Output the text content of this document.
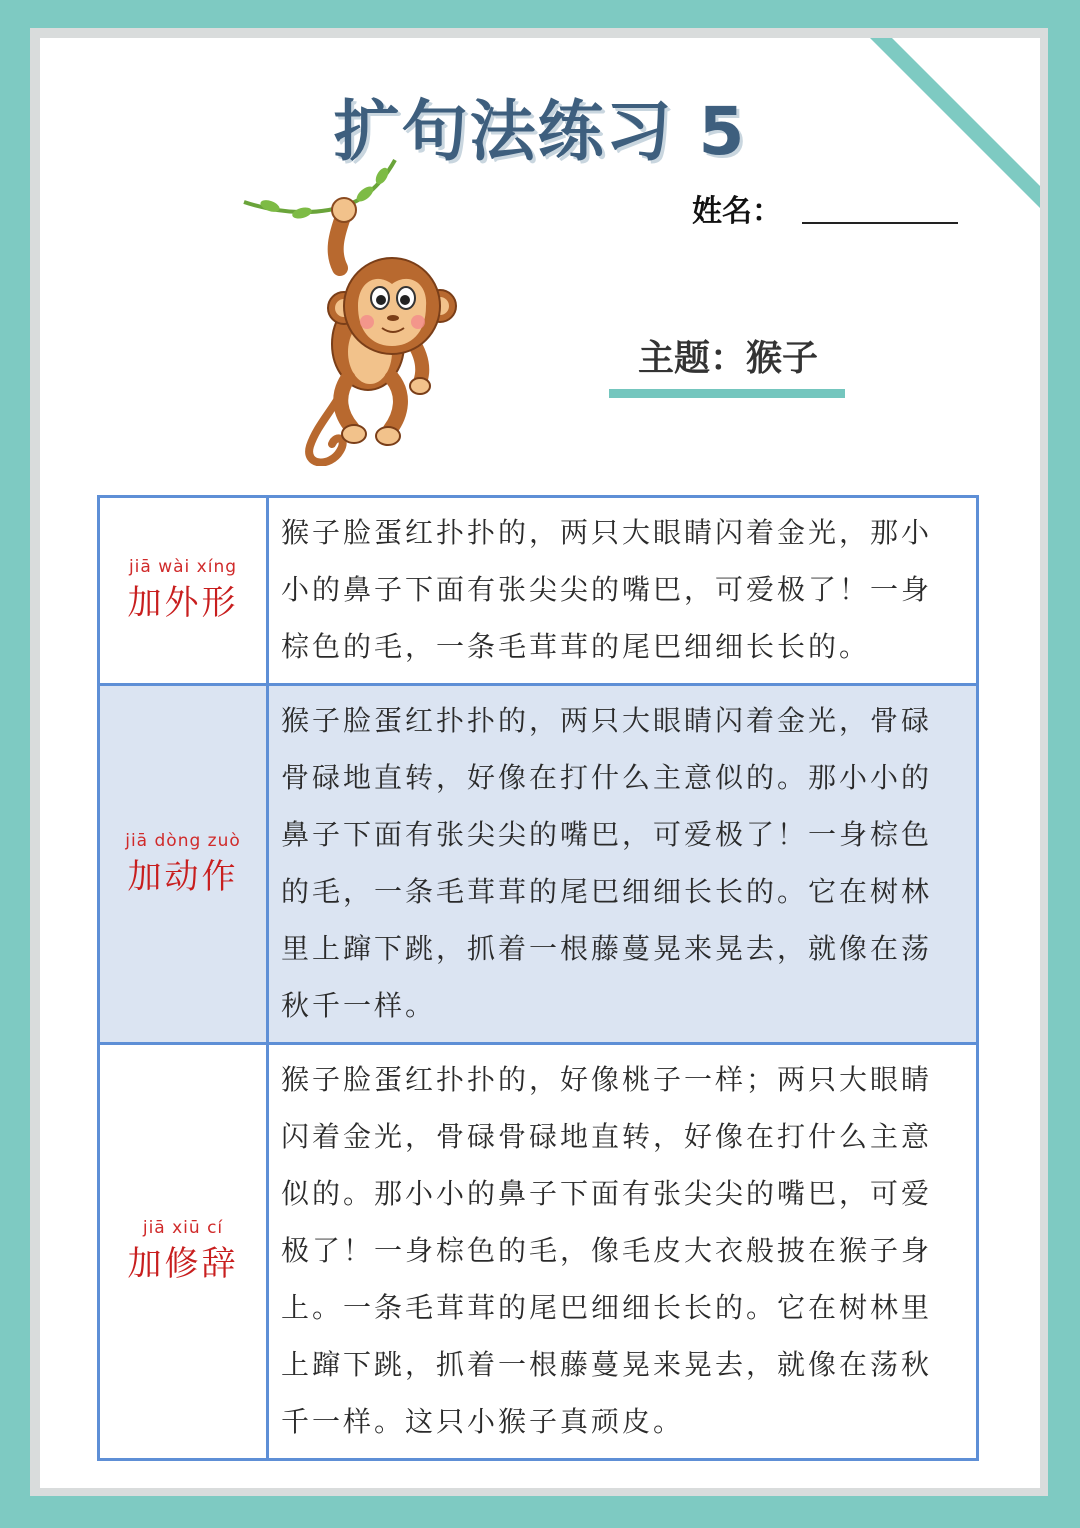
扩句法练习 5
姓名：
主题：猴子
jiā wài xíng
加外形
猴子脸蛋红扑扑的，两只大眼睛闪着金光，那小小的鼻子下面有张尖尖的嘴巴，可爱极了！一身棕色的毛，一条毛茸茸的尾巴细细长长的。
jiā dòng zuò
加动作
猴子脸蛋红扑扑的，两只大眼睛闪着金光，骨碌骨碌地直转，好像在打什么主意似的。那小小的鼻子下面有张尖尖的嘴巴，可爱极了！一身棕色的毛，一条毛茸茸的尾巴细细长长的。它在树林里上蹿下跳，抓着一根藤蔓晃来晃去，就像在荡秋千一样。
jiā xiū cí
加修辞
猴子脸蛋红扑扑的，好像桃子一样；两只大眼睛闪着金光，骨碌骨碌地直转，好像在打什么主意似的。那小小的鼻子下面有张尖尖的嘴巴，可爱极了！一身棕色的毛，像毛皮大衣般披在猴子身上。一条毛茸茸的尾巴细细长长的。它在树林里上蹿下跳，抓着一根藤蔓晃来晃去，就像在荡秋千一样。这只小猴子真顽皮。
